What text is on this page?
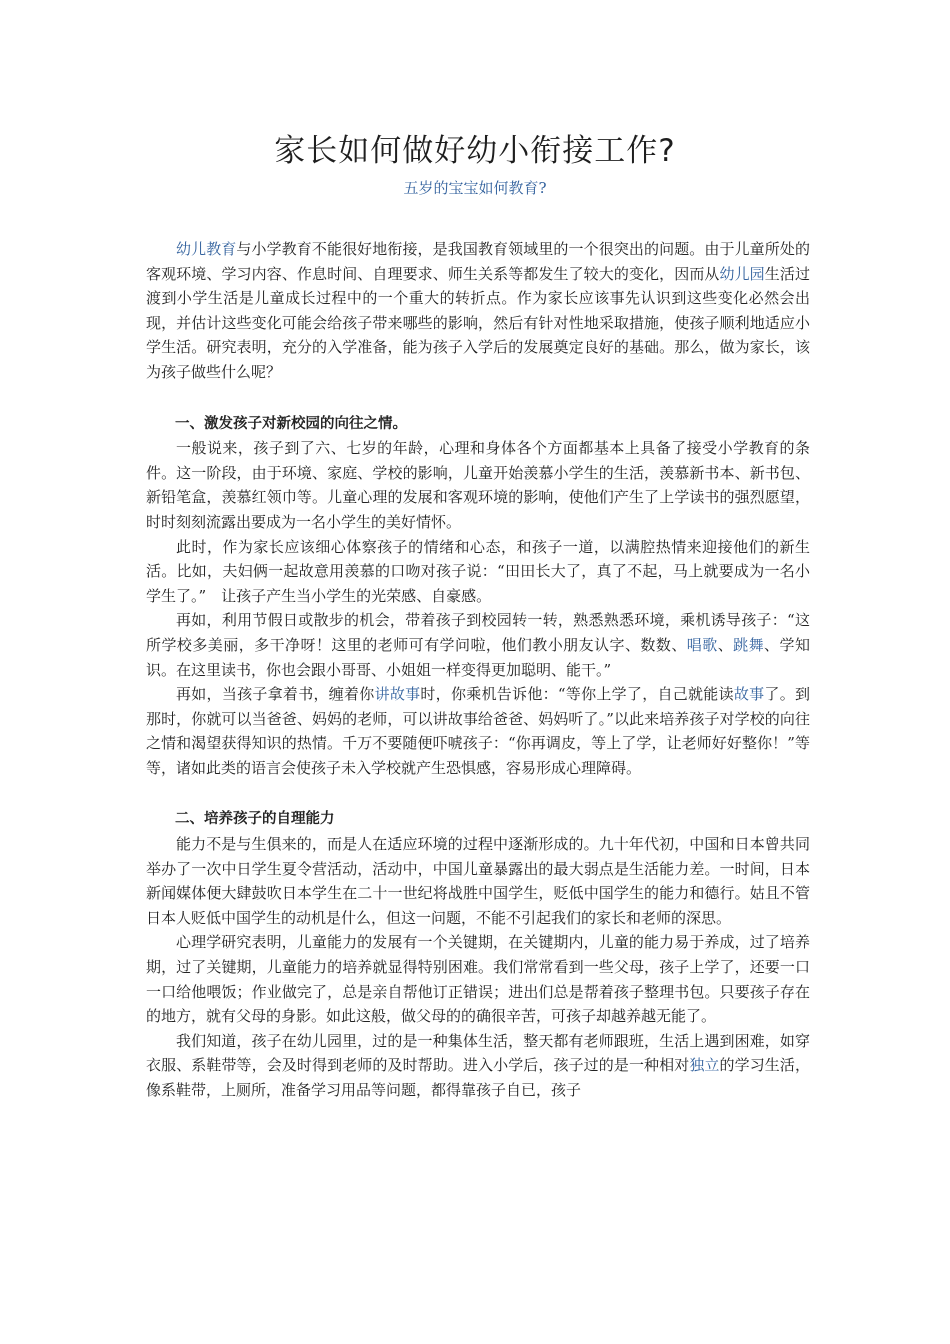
家长如何做好幼小衔接工作?

五岁的宝宝如何教育?

幼儿教育与小学教育不能很好地衔接，是我国教育领域里的一个很突出的问题。由于儿童所处的客观环境、学习内容、作息时间、自理要求、师生关系等都发生了较大的变化，因而从幼儿园生活过渡到小学生活是儿童成长过程中的一个重大的转折点。作为家长应该事先认识到这些变化必然会出现，并估计这些变化可能会给孩子带来哪些的影响，然后有针对性地采取措施，使孩子顺利地适应小学生活。研究表明，充分的入学准备，能为孩子入学后的发展奠定良好的基础。那么，做为家长，该为孩子做些什么呢？

一、激发孩子对新校园的向往之情。

一般说来，孩子到了六、七岁的年龄，心理和身体各个方面都基本上具备了接受小学教育的条件。这一阶段，由于环境、家庭、学校的影响，儿童开始羡慕小学生的生活，羡慕新书本、新书包、新铅笔盒，羡慕红领巾等。儿童心理的发展和客观环境的影响，使他们产生了上学读书的强烈愿望，时时刻刻流露出要成为一名小学生的美好情怀。

此时，作为家长应该细心体察孩子的情绪和心态，和孩子一道，以满腔热情来迎接他们的新生活。比如，夫妇俩一起故意用羡慕的口吻对孩子说：“田田长大了，真了不起，马上就要成为一名小学生了。”　让孩子产生当小学生的光荣感、自豪感。

再如，利用节假日或散步的机会，带着孩子到校园转一转，熟悉熟悉环境，乘机诱导孩子：“这所学校多美丽，多干净呀！这里的老师可有学问啦，他们教小朋友认字、数数、唱歌、跳舞、学知识。在这里读书，你也会跟小哥哥、小姐姐一样变得更加聪明、能干。”

再如，当孩子拿着书，缠着你讲故事时，你乘机告诉他：“等你上学了，自己就能读故事了。到那时，你就可以当爸爸、妈妈的老师，可以讲故事给爸爸、妈妈听了。”以此来培养孩子对学校的向往之情和渴望获得知识的热情。千万不要随便吓唬孩子：“你再调皮，等上了学，让老师好好整你！”等等，诸如此类的语言会使孩子未入学校就产生恐惧感，容易形成心理障碍。

二、培养孩子的自理能力

能力不是与生俱来的，而是人在适应环境的过程中逐渐形成的。九十年代初，中国和日本曾共同举办了一次中日学生夏令营活动，活动中，中国儿童暴露出的最大弱点是生活能力差。一时间，日本新闻媒体便大肆鼓吹日本学生在二十一世纪将战胜中国学生，贬低中国学生的能力和德行。姑且不管日本人贬低中国学生的动机是什么，但这一问题，不能不引起我们的家长和老师的深思。

心理学研究表明，儿童能力的发展有一个关键期，在关键期内，儿童的能力易于养成，过了培养期，过了关键期，儿童能力的培养就显得特别困难。我们常常看到一些父母，孩子上学了，还要一口一口给他喂饭；作业做完了，总是亲自帮他订正错误；进出们总是帮着孩子整理书包。只要孩子存在的地方，就有父母的身影。如此这般，做父母的的确很辛苦，可孩子却越养越无能了。

我们知道，孩子在幼儿园里，过的是一种集体生活，整天都有老师跟班，生活上遇到困难，如穿衣服、系鞋带等，会及时得到老师的及时帮助。进入小学后，孩子过的是一种相对独立的学习生活，像系鞋带，上厕所，准备学习用品等问题，都得靠孩子自已，孩子
